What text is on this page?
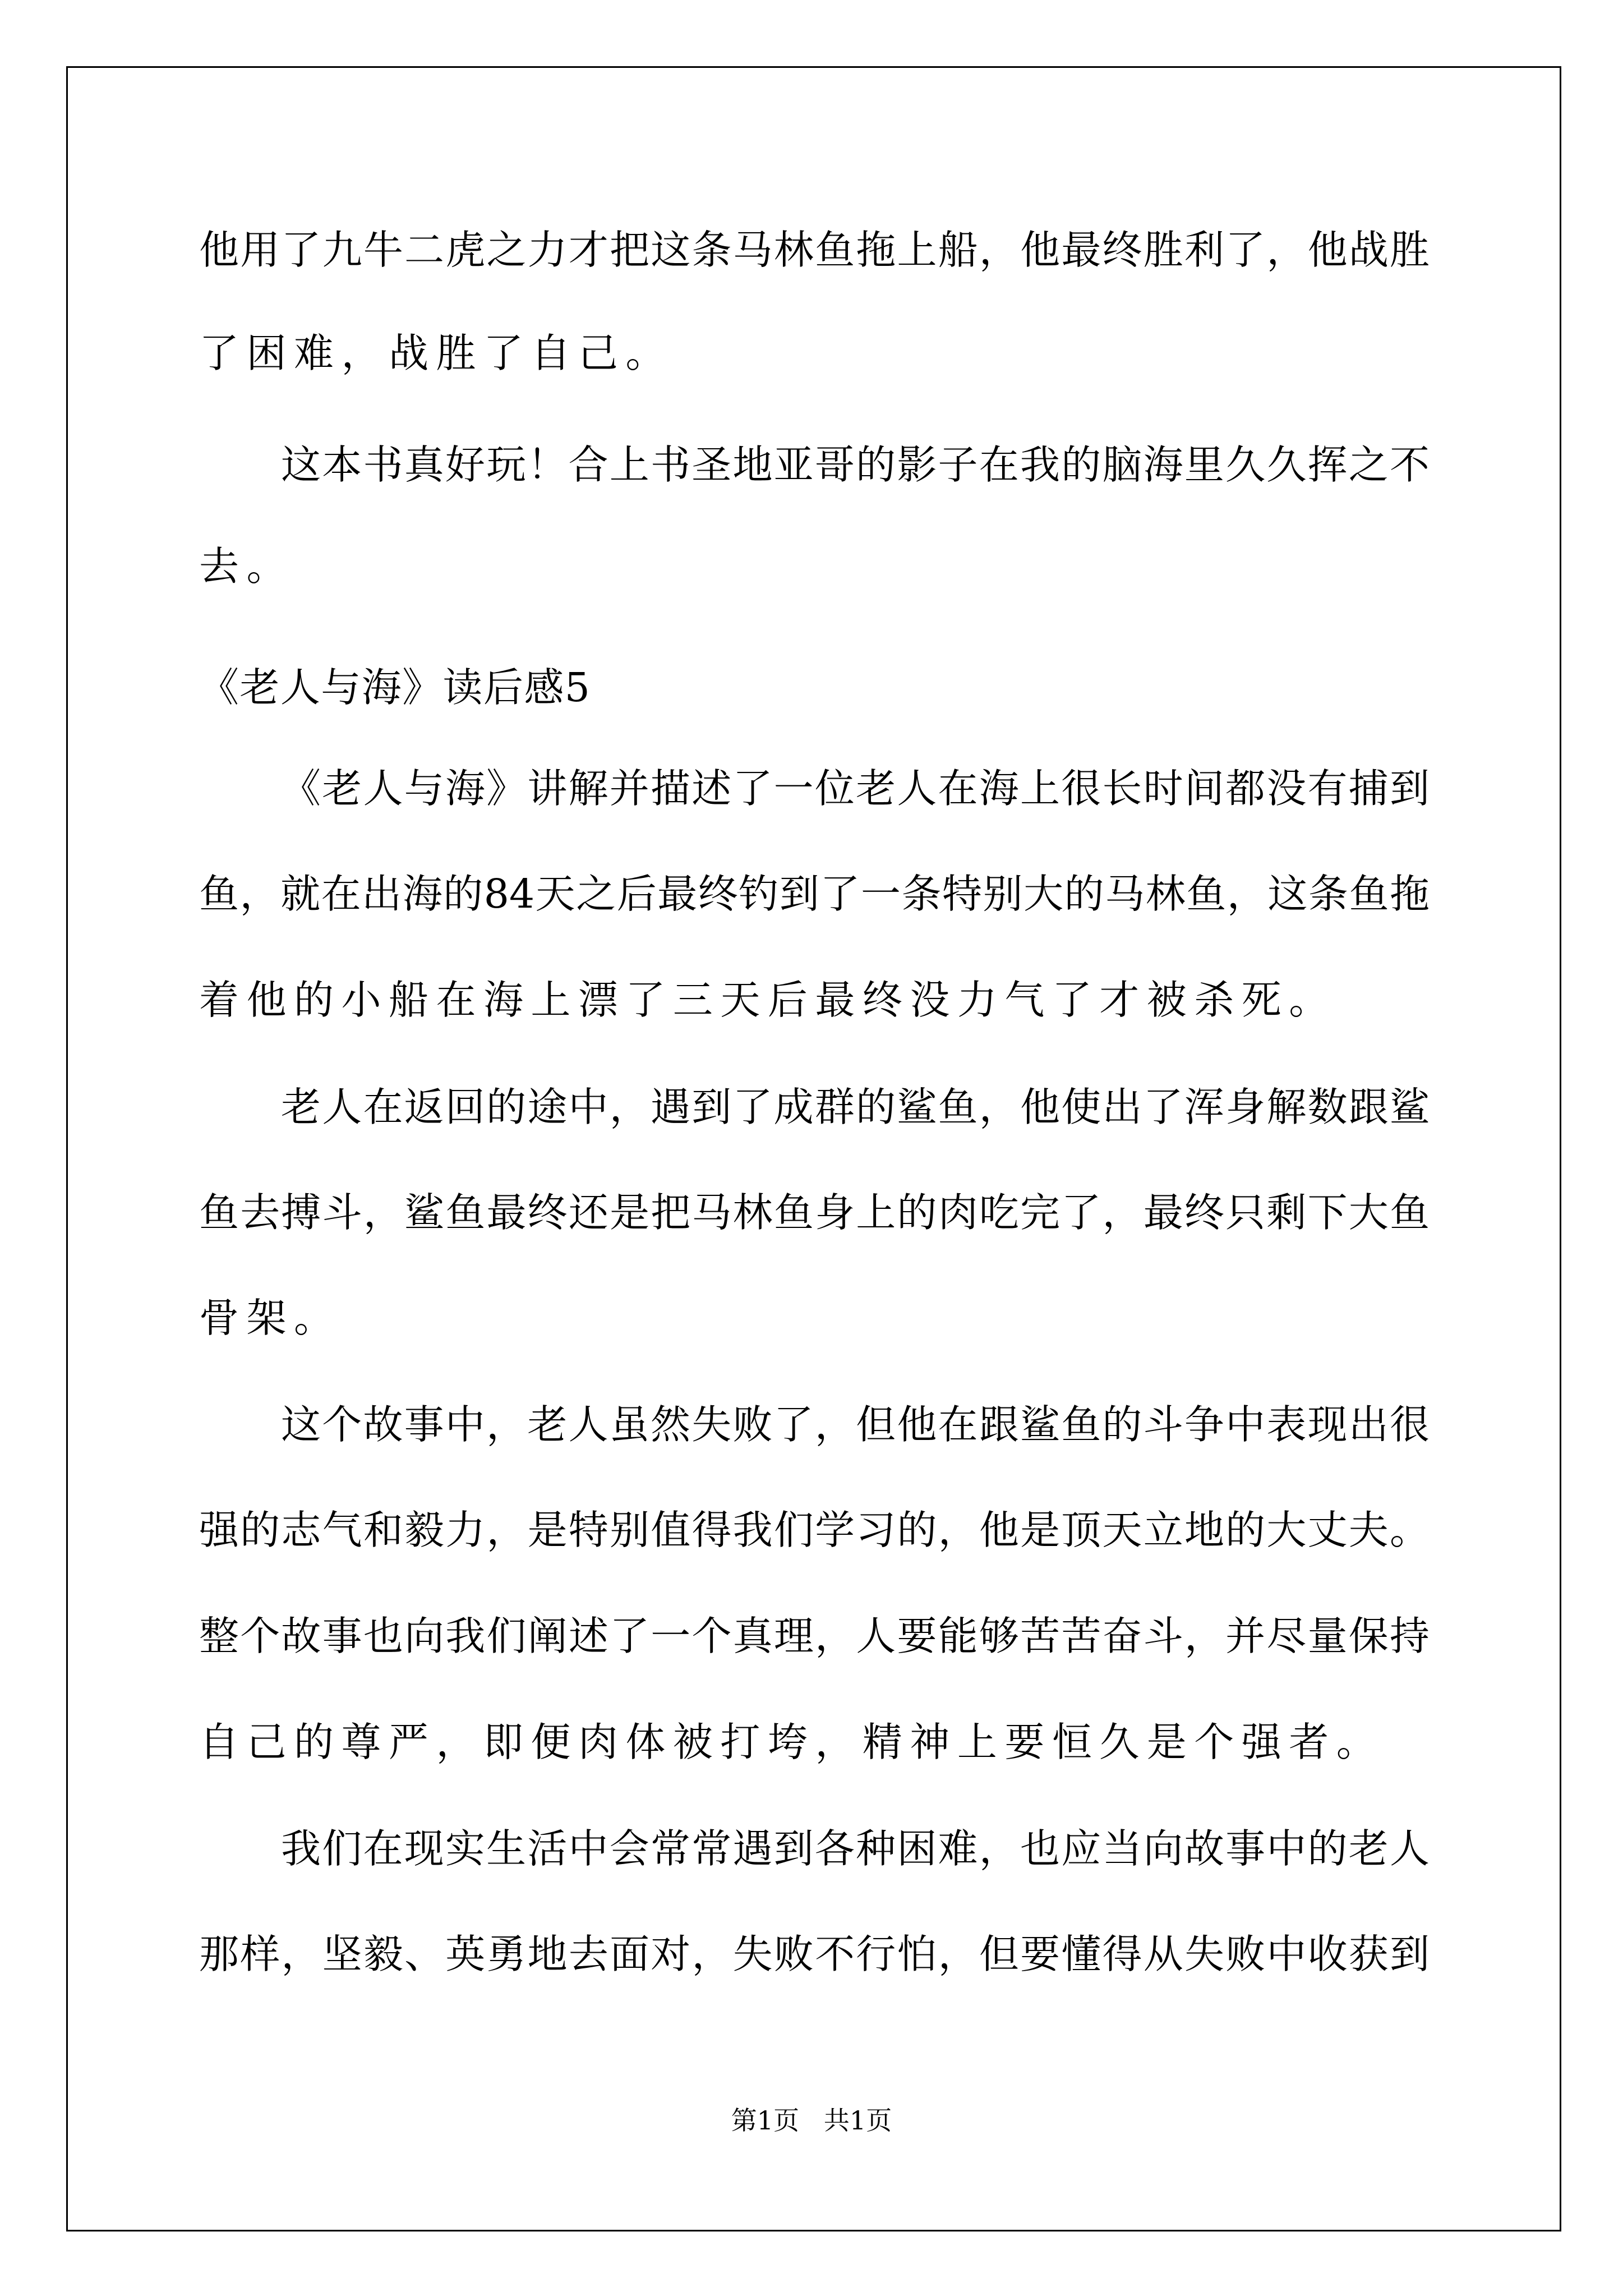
他用了九牛二虎之力才把这条马林鱼拖上船，他最终胜利了，他战胜
了困难，战胜了自己。
这本书真好玩！合上书圣地亚哥的影子在我的脑海里久久挥之不
去。
《老人与海》读后感5
《老人与海》讲解并描述了一位老人在海上很长时间都没有捕到
鱼，就在出海的84天之后最终钓到了一条特别大的马林鱼，这条鱼拖
着他的小船在海上漂了三天后最终没力气了才被杀死。
老人在返回的途中，遇到了成群的鲨鱼，他使出了浑身解数跟鲨
鱼去搏斗，鲨鱼最终还是把马林鱼身上的肉吃完了，最终只剩下大鱼
骨架。
这个故事中，老人虽然失败了，但他在跟鲨鱼的斗争中表现出很
强的志气和毅力，是特别值得我们学习的，他是顶天立地的大丈夫。
整个故事也向我们阐述了一个真理，人要能够苦苦奋斗，并尽量保持
自己的尊严，即便肉体被打垮，精神上要恒久是个强者。
我们在现实生活中会常常遇到各种困难，也应当向故事中的老人
那样，坚毅、英勇地去面对，失败不行怕，但要懂得从失败中收获到
第1页   共1页
